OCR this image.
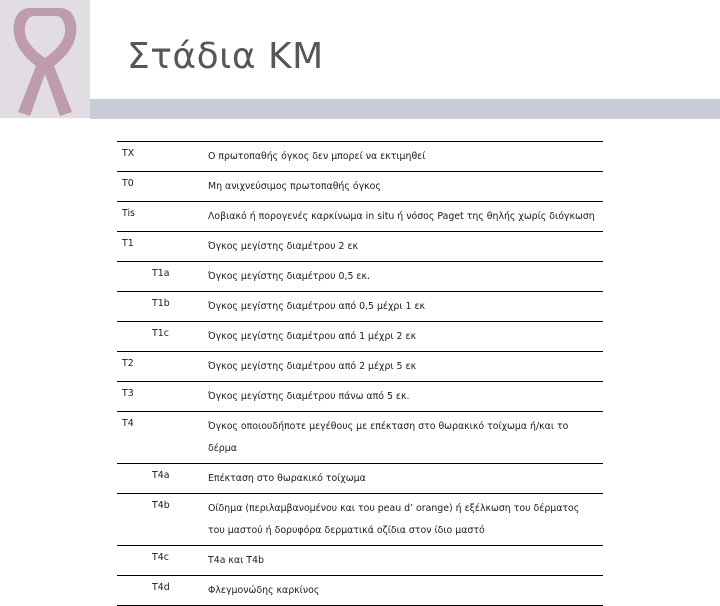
Στάδια ΚΜ
TX	Ο πρωτοπαθής όγκος δεν μπορεί να εκτιμηθεί
T0	Μη ανιχνεύσιμος πρωτοπαθής όγκος
Tis	Λοβιακό ή πορογενές καρκίνωμα in situ ή νόσος Paget της θηλής χωρίς διόγκωση
T1	Όγκος μεγίστης διαμέτρου 2 εκ
T1a	Όγκος μεγίστης διαμέτρου 0,5 εκ.
T1b	Όγκος μεγίστης διαμέτρου από 0,5 μέχρι 1 εκ
T1c	Όγκος μεγίστης διαμέτρου από 1 μέχρι 2 εκ
T2	Όγκος μεγίστης διαμέτρου από 2 μέχρι 5 εκ
T3	Όγκος μεγίστης διαμέτρου πάνω από 5 εκ.
T4	Όγκος οποιουδήποτε μεγέθους με επέκταση στο θωρακικό τοίχωμα ή/και το δέρμα
T4a	Επέκταση στο θωρακικό τοίχωμα
T4b	Οίδημα (περιλαμβανομένου και του peau d’ orange) ή εξέλκωση του δέρματος του μαστού ή δορυφόρα δερματικά οζίδια στον ίδιο μαστό
T4c	T4a και T4b
T4d	Φλεγμονώδης καρκίνος
